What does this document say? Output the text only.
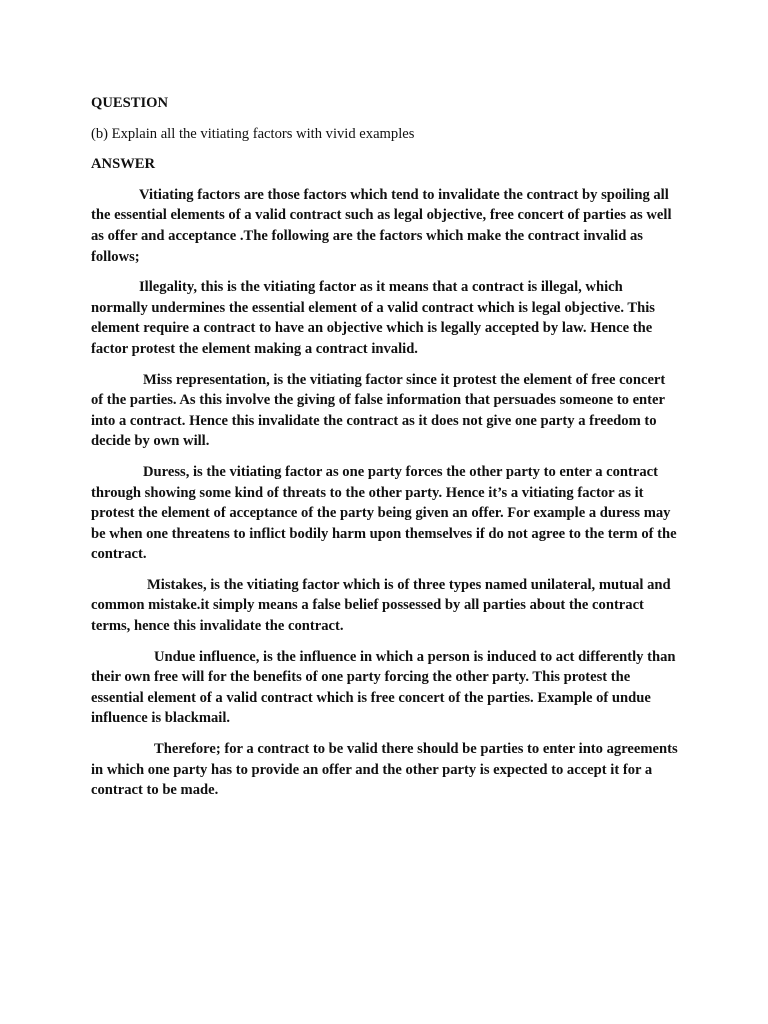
QUESTION

(b) Explain all the vitiating factors with vivid examples

ANSWER

Vitiating factors are those factors which tend to invalidate the contract by spoiling all the essential elements of a valid contract such as legal objective, free concert of parties as well as offer and acceptance .The following are the factors which make the contract invalid as follows;

Illegality, this is the vitiating factor as it means that a contract is illegal, which normally undermines the essential element of a valid contract which is legal objective. This element require a contract to have an objective which is legally accepted by law. Hence the factor protest the element making a contract invalid.

Miss representation, is the vitiating factor since it protest the element of free concert of the parties. As this involve the giving of false information that persuades someone to enter into a contract. Hence this invalidate the contract as it does not give one party a freedom to decide by own will.

Duress, is the vitiating factor as one party forces the other party to enter a contract through showing some kind of threats to the other party. Hence it’s a vitiating factor as it protest the element of acceptance of the party being given an offer. For example a duress may be when one threatens to inflict bodily harm upon themselves if do not agree to the term of the contract.

Mistakes, is the vitiating factor which is of three types named unilateral, mutual and common mistake.it simply means a false belief possessed by all parties about the contract terms, hence this invalidate the contract.

Undue influence, is the influence in which a person is induced to act differently than their own free will for the benefits of one party forcing the other party. This protest the essential element of a valid contract which is free concert of the parties. Example of undue influence is blackmail.

Therefore; for a contract to be valid there should be parties to enter into agreements in which one party has to provide an offer and the other party is expected to accept it for a contract to be made.
